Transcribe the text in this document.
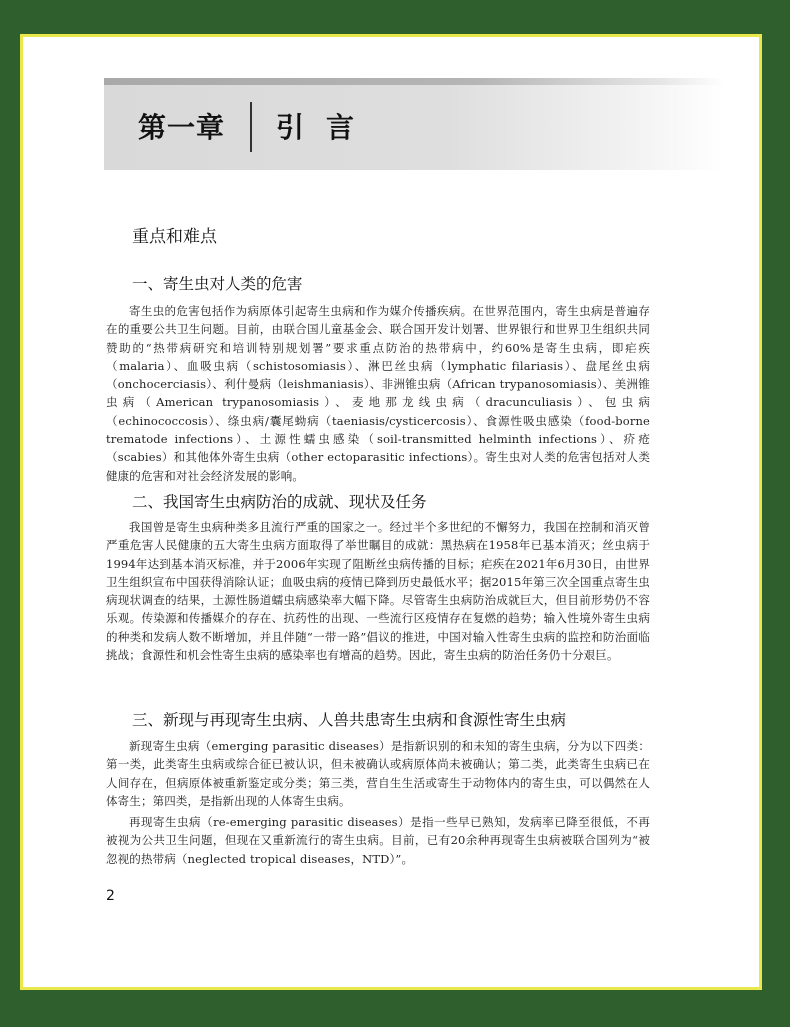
第一章 引言
重点和难点
一、寄生虫对人类的危害

寄生虫的危害包括作为病原体引起寄生虫病和作为媒介传播疾病。在世界范围内，寄生虫病是普遍存在的重要公共卫生问题。目前，由联合国儿童基金会、联合国开发计划署、世界银行和世界卫生组织共同赞助的“热带病研究和培训特别规划署”要求重点防治的热带病中，约60%是寄生虫病，即疟疾（malaria）、血吸虫病（schistosomiasis）、淋巴丝虫病（lymphatic filariasis）、盘尾丝虫病（onchocerciasis）、利什曼病（leishmaniasis）、非洲锥虫病（African trypanosomiasis）、美洲锥虫病（American trypanosomiasis）、麦地那龙线虫病（dracunculiasis）、包虫病（echinococcosis）、绦虫病/囊尾蚴病（taeniasis/cysticercosis）、食源性吸虫感染（food-borne trematode infections）、土源性蠕虫感染（soil-transmitted helminth infections）、疥疮（scabies）和其他体外寄生虫病（other ectoparasitic infections）。寄生虫对人类的危害包括对人类健康的危害和对社会经济发展的影响。

二、我国寄生虫病防治的成就、现状及任务

我国曾是寄生虫病种类多且流行严重的国家之一。经过半个多世纪的不懈努力，我国在控制和消灭曾严重危害人民健康的五大寄生虫病方面取得了举世瞩目的成就：黑热病在1958年已基本消灭；丝虫病于1994年达到基本消灭标准，并于2006年实现了阻断丝虫病传播的目标；疟疾在2021年6月30日，由世界卫生组织宣布中国获得消除认证；血吸虫病的疫情已降到历史最低水平；据2015年第三次全国重点寄生虫病现状调查的结果，土源性肠道蠕虫病感染率大幅下降。尽管寄生虫病防治成就巨大，但目前形势仍不容乐观。传染源和传播媒介的存在、抗药性的出现、一些流行区疫情存在复燃的趋势；输入性境外寄生虫病的种类和发病人数不断增加，并且伴随“一带一路”倡议的推进，中国对输入性寄生虫病的监控和防治面临挑战；食源性和机会性寄生虫病的感染率也有增高的趋势。因此，寄生虫病的防治任务仍十分艰巨。

三、新现与再现寄生虫病、人兽共患寄生虫病和食源性寄生虫病

新现寄生虫病（emerging parasitic diseases）是指新识别的和未知的寄生虫病，分为以下四类：第一类，此类寄生虫病或综合征已被认识，但未被确认或病原体尚未被确认；第二类，此类寄生虫病已在人间存在，但病原体被重新鉴定或分类；第三类，营自生生活或寄生于动物体内的寄生虫，可以偶然在人体寄生；第四类，是指新出现的人体寄生虫病。

再现寄生虫病（re-emerging parasitic diseases）是指一些早已熟知，发病率已降至很低，不再被视为公共卫生问题，但现在又重新流行的寄生虫病。目前，已有20余种再现寄生虫病被联合国列为“被忽视的热带病（neglected tropical diseases，NTD）”。

2
